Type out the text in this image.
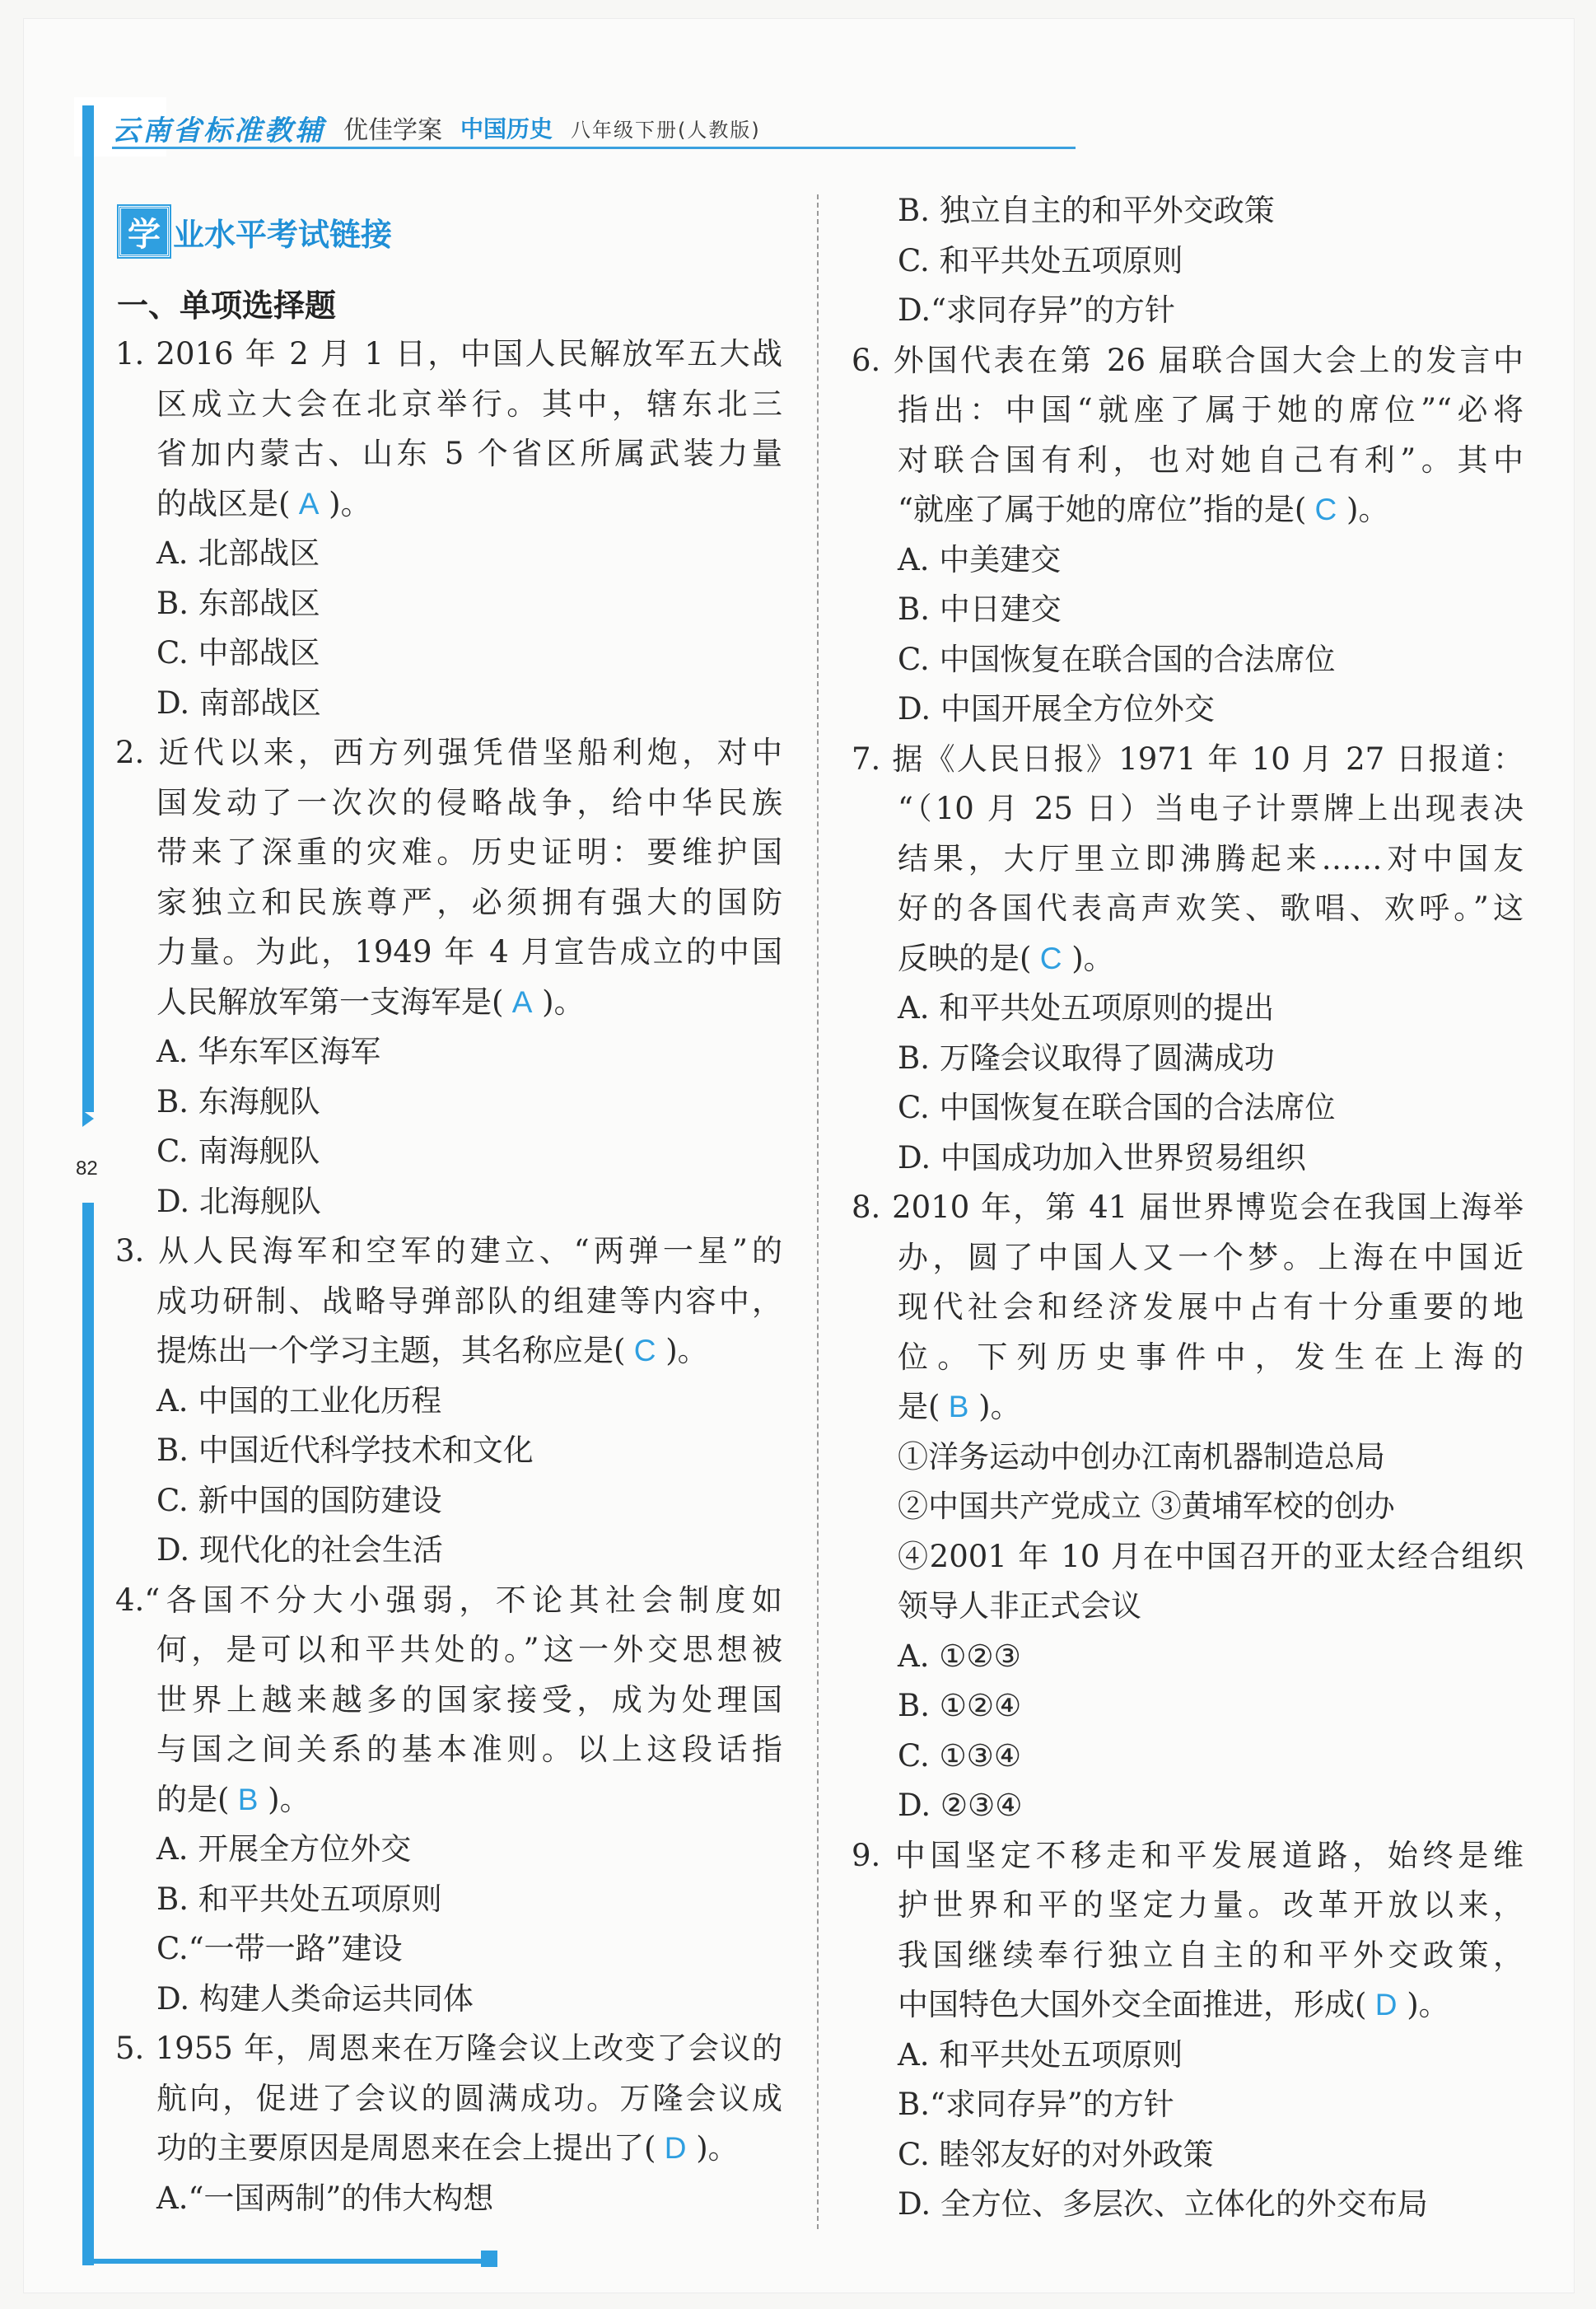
云南省标准教辅 优佳学案 中国历史 八年级下册(人教版)
82
学 业水平考试链接
一、单项选择题
1. 2016 年 2 月 1 日，中国人民解放军五大战
区成立大会在北京举行。其中，辖东北三
省加内蒙古、山东 5 个省区所属武装力量
的战区是( A )。
A. 北部战区
B. 东部战区
C. 中部战区
D. 南部战区
2. 近代以来，西方列强凭借坚船利炮，对中
国发动了一次次的侵略战争，给中华民族
带来了深重的灾难。历史证明：要维护国
家独立和民族尊严，必须拥有强大的国防
力量。为此，1949 年 4 月宣告成立的中国
人民解放军第一支海军是( A )。
A. 华东军区海军
B. 东海舰队
C. 南海舰队
D. 北海舰队
3. 从人民海军和空军的建立、“两弹一星”的
成功研制、战略导弹部队的组建等内容中，
提炼出一个学习主题，其名称应是( C )。
A. 中国的工业化历程
B. 中国近代科学技术和文化
C. 新中国的国防建设
D. 现代化的社会生活
4.“各国不分大小强弱，不论其社会制度如
何，是可以和平共处的。”这一外交思想被
世界上越来越多的国家接受，成为处理国
与国之间关系的基本准则。以上这段话指
的是( B )。
A. 开展全方位外交
B. 和平共处五项原则
C.“一带一路”建设
D. 构建人类命运共同体
5. 1955 年，周恩来在万隆会议上改变了会议的
航向，促进了会议的圆满成功。万隆会议成
功的主要原因是周恩来在会上提出了( D )。
A.“一国两制”的伟大构想
B. 独立自主的和平外交政策
C. 和平共处五项原则
D.“求同存异”的方针
6. 外国代表在第 26 届联合国大会上的发言中
指出：中国“就座了属于她的席位”“必将
对联合国有利，也对她自己有利”。其中
“就座了属于她的席位”指的是( C )。
A. 中美建交
B. 中日建交
C. 中国恢复在联合国的合法席位
D. 中国开展全方位外交
7. 据《人民日报》1971 年 10 月 27 日报道：
“（10 月 25 日）当电子计票牌上出现表决
结果，大厅里立即沸腾起来……对中国友
好的各国代表高声欢笑、歌唱、欢呼。”这
反映的是( C )。
A. 和平共处五项原则的提出
B. 万隆会议取得了圆满成功
C. 中国恢复在联合国的合法席位
D. 中国成功加入世界贸易组织
8. 2010 年，第 41 届世界博览会在我国上海举
办，圆了中国人又一个梦。上海在中国近
现代社会和经济发展中占有十分重要的地
位。下列历史事件中，发生在上海的
是( B )。
①洋务运动中创办江南机器制造总局
②中国共产党成立 ③黄埔军校的创办
④2001 年 10 月在中国召开的亚太经合组织
领导人非正式会议
A. ①②③
B. ①②④
C. ①③④
D. ②③④
9. 中国坚定不移走和平发展道路，始终是维
护世界和平的坚定力量。改革开放以来，
我国继续奉行独立自主的和平外交政策，
中国特色大国外交全面推进，形成( D )。
A. 和平共处五项原则
B.“求同存异”的方针
C. 睦邻友好的对外政策
D. 全方位、多层次、立体化的外交布局
